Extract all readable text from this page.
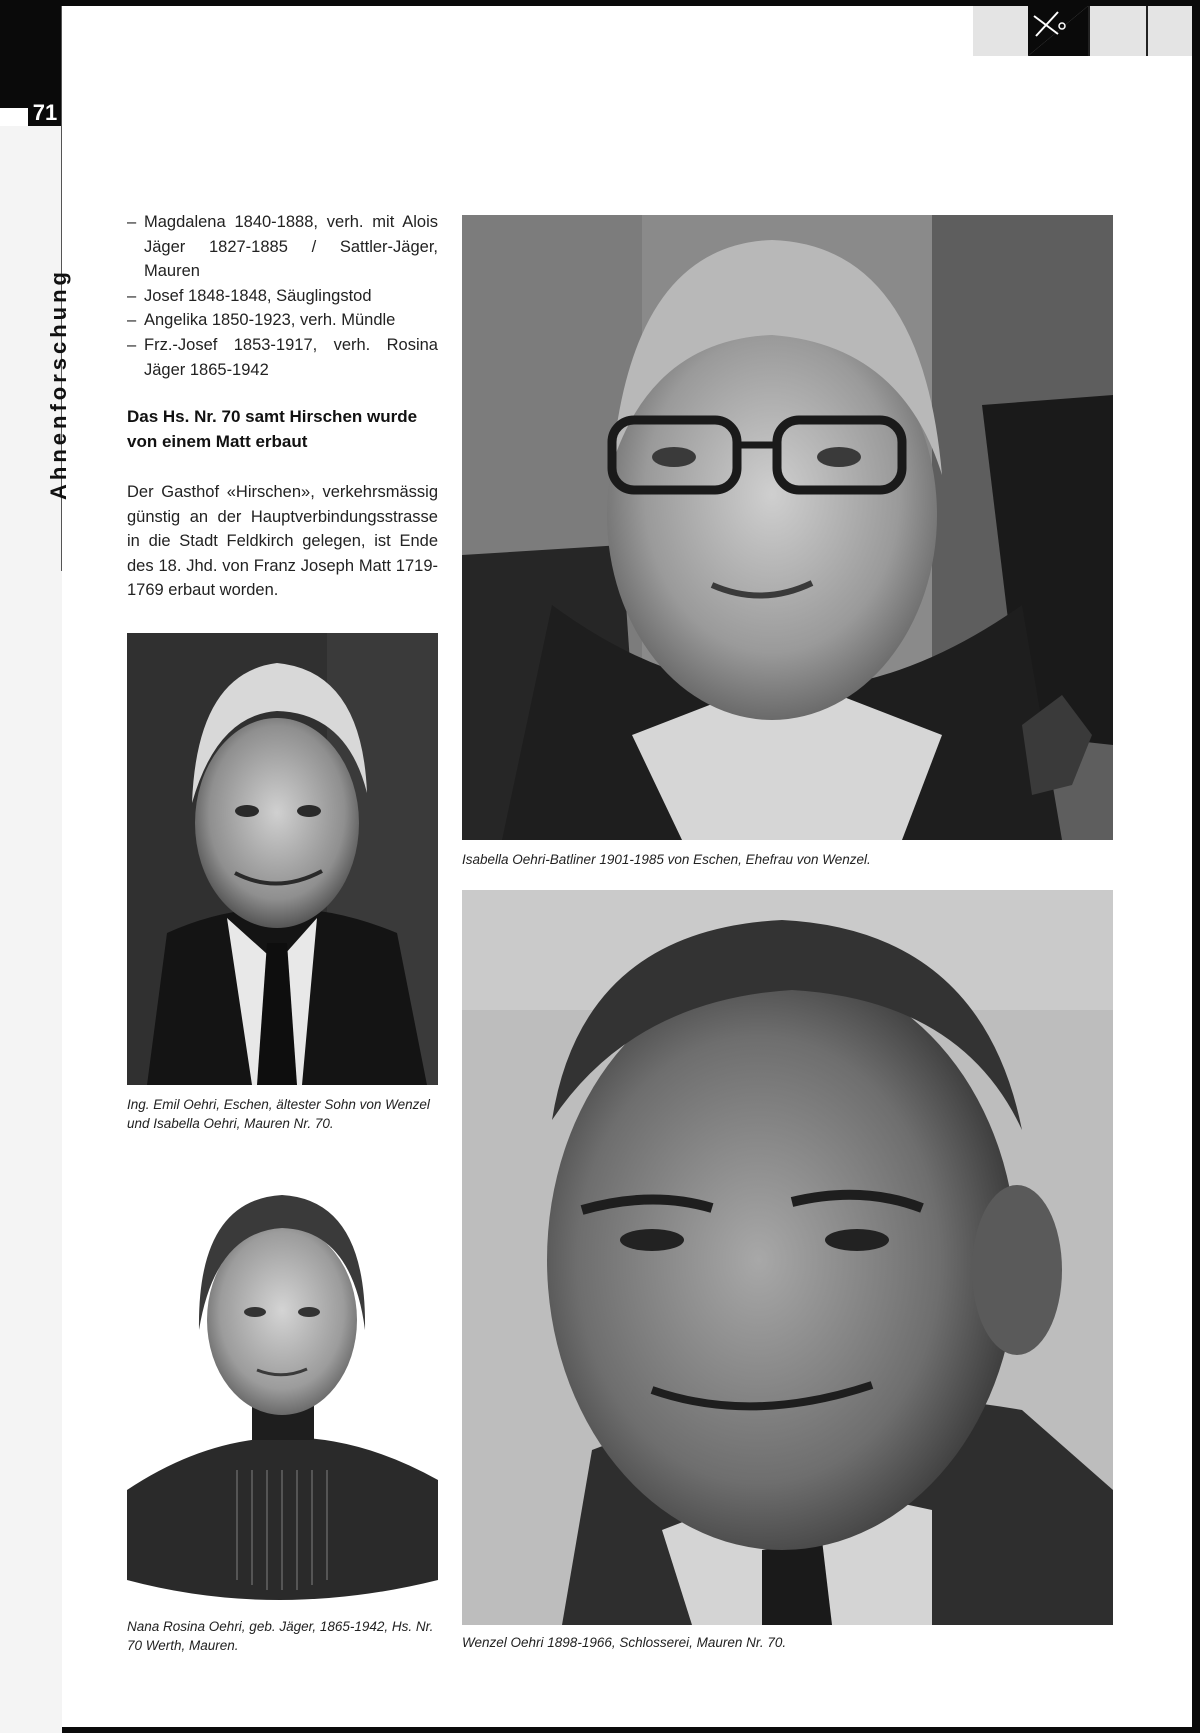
71
Ahnenforschung
– Magdalena 1840-1888, verh. mit Alois Jäger 1827-1885 / Sattler-Jäger, Mauren
– Josef 1848-1848, Säuglingstod
– Angelika 1850-1923, verh. Mündle
– Frz.-Josef 1853-1917, verh. Rosina Jäger 1865-1942
Das Hs. Nr. 70 samt Hirschen wurde von einem Matt erbaut
Der Gasthof «Hirschen», verkehrsmässig günstig an der Hauptverbindungsstrasse in die Stadt Feldkirch gelegen, ist Ende des 18. Jhd. von Franz Joseph Matt 1719-1769 erbaut worden.
Isabella Oehri-Batliner 1901-1985 von Eschen, Ehefrau von Wenzel.
Ing. Emil Oehri, Eschen, ältester Sohn von Wenzel und Isabella Oehri, Mauren Nr. 70.
Wenzel Oehri 1898-1966, Schlosserei, Mauren Nr. 70.
Nana Rosina Oehri, geb. Jäger, 1865-1942, Hs. Nr. 70 Werth, Mauren.
